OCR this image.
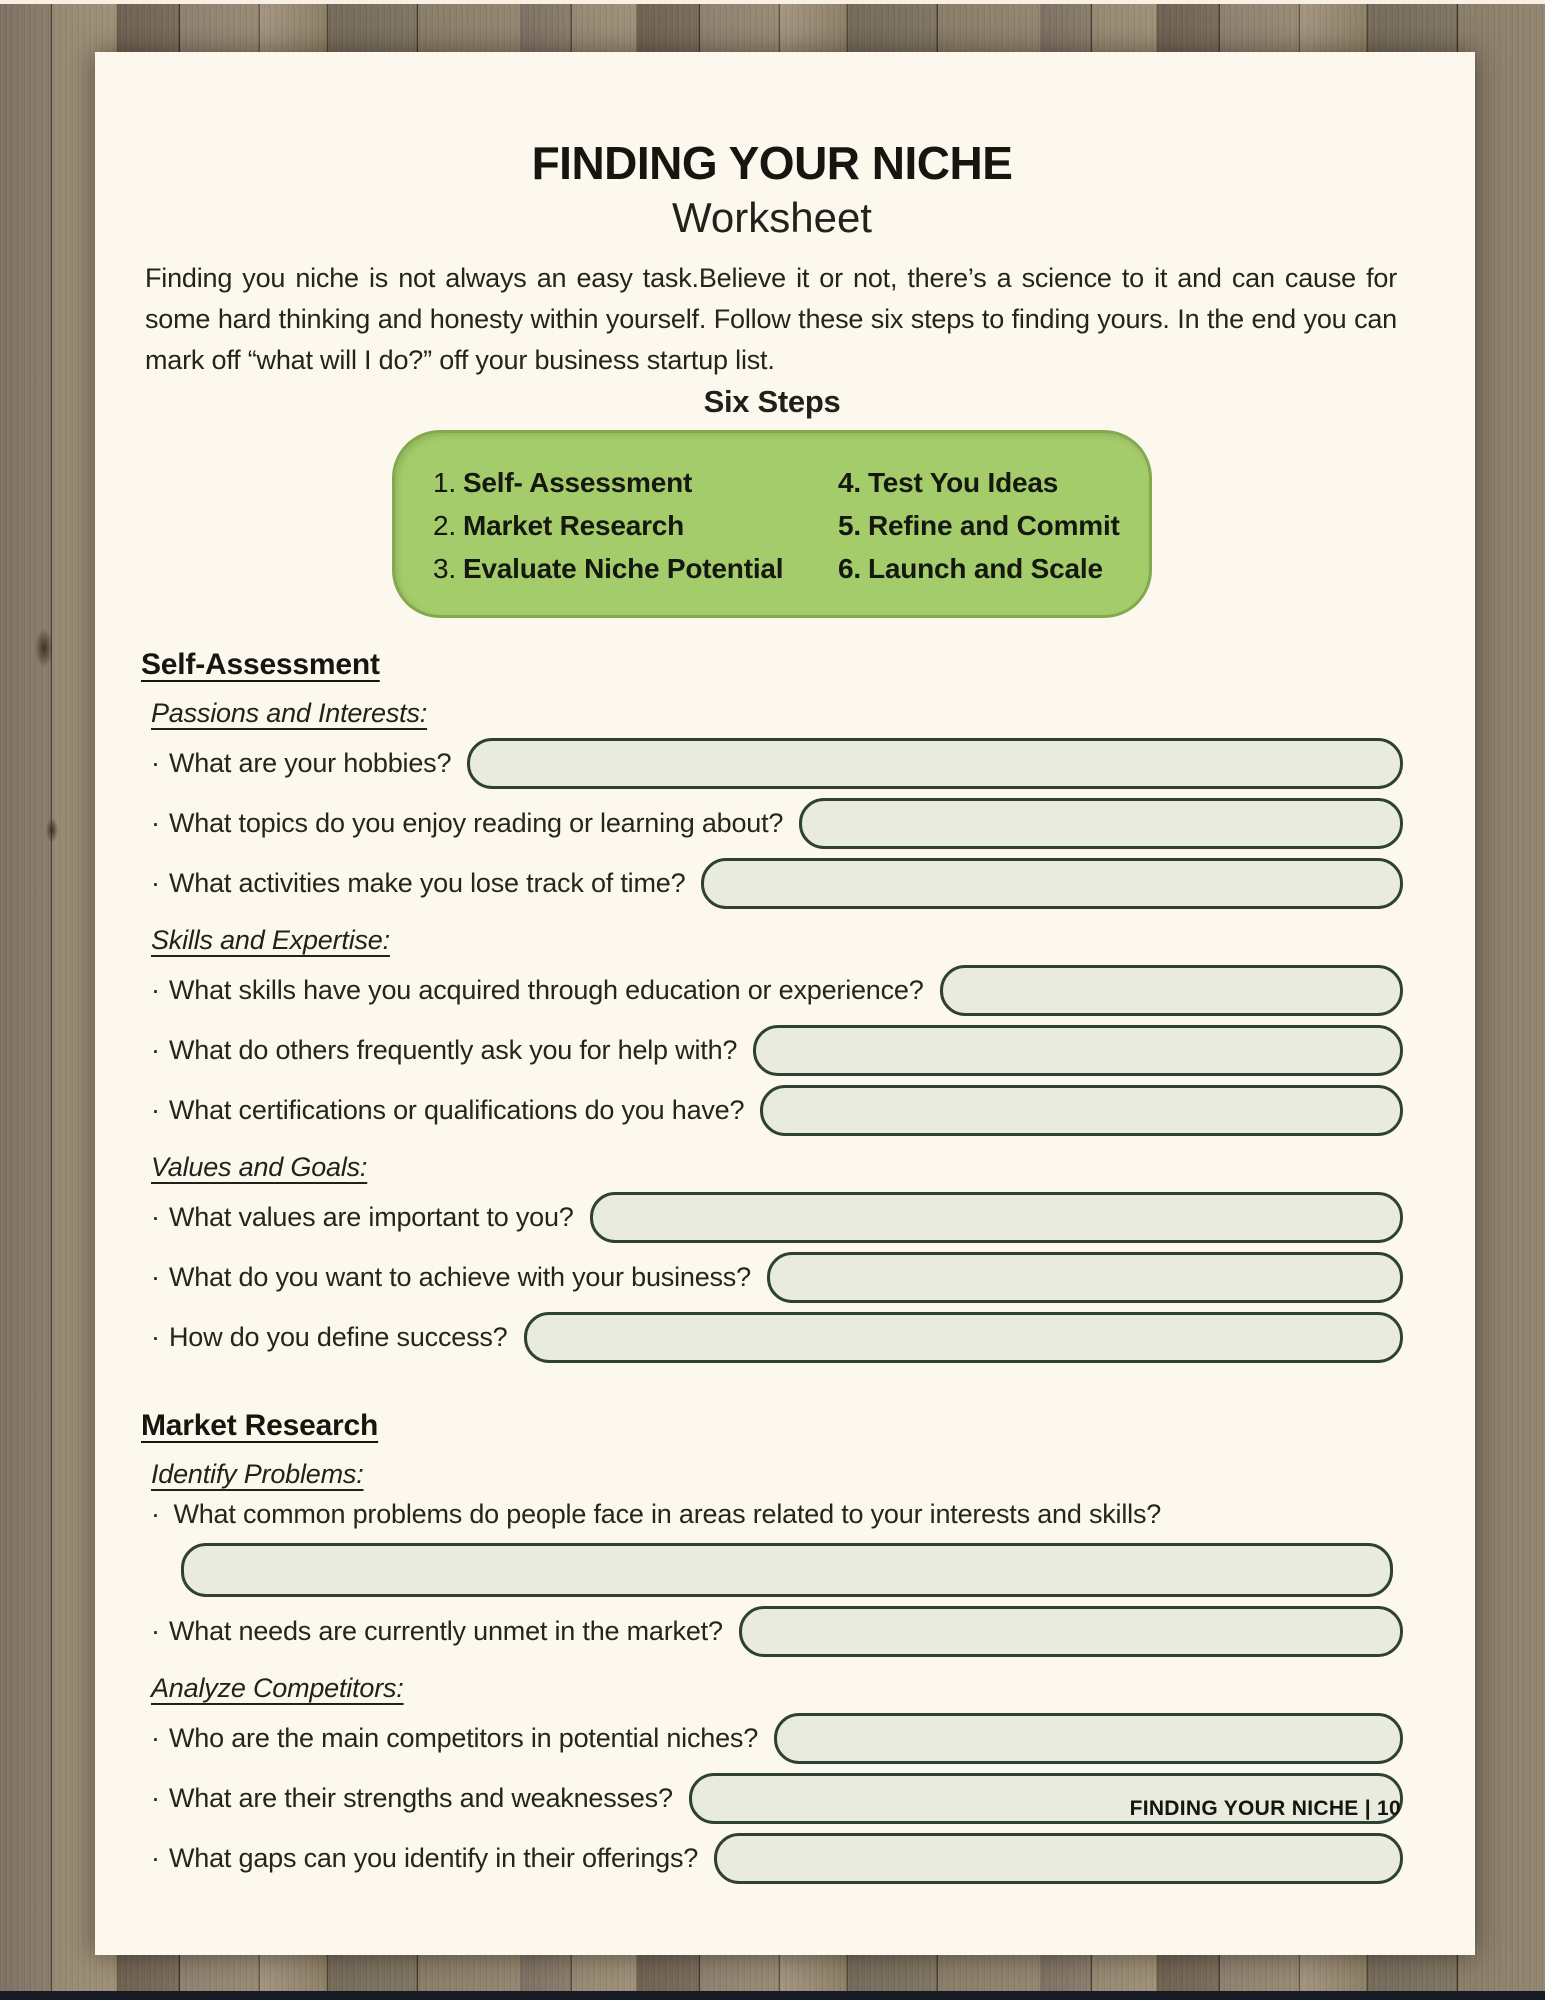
FINDING YOUR NICHE
Worksheet

Finding you niche is not always an easy task.Believe it or not, there’s a science to it and can cause for some hard thinking and honesty within yourself. Follow these six steps to finding yours. In the end you can mark off “what will I do?” off your business startup list.

Six Steps
1. Self- Assessment
2. Market Research
3. Evaluate Niche Potential
4. Test You Ideas
5. Refine and Commit
6. Launch and Scale
Self-Assessment
Passions and Interests:
· What are your hobbies?
· What topics do you enjoy reading or learning about?
· What activities make you lose track of time?
Skills and Expertise:
· What skills have you acquired through education or experience?
· What do others frequently ask you for help with?
· What certifications or qualifications do you have?
Values and Goals:
· What values are important to you?
· What do you want to achieve with your business?
· How do you define success?
Market Research
Identify Problems:
· What common problems do people face in areas related to your interests and skills?
· What needs are currently unmet in the market?
Analyze Competitors:
· Who are the main competitors in potential niches?
· What are their strengths and weaknesses?
· What gaps can you identify in their offerings?
FINDING YOUR NICHE | 10
